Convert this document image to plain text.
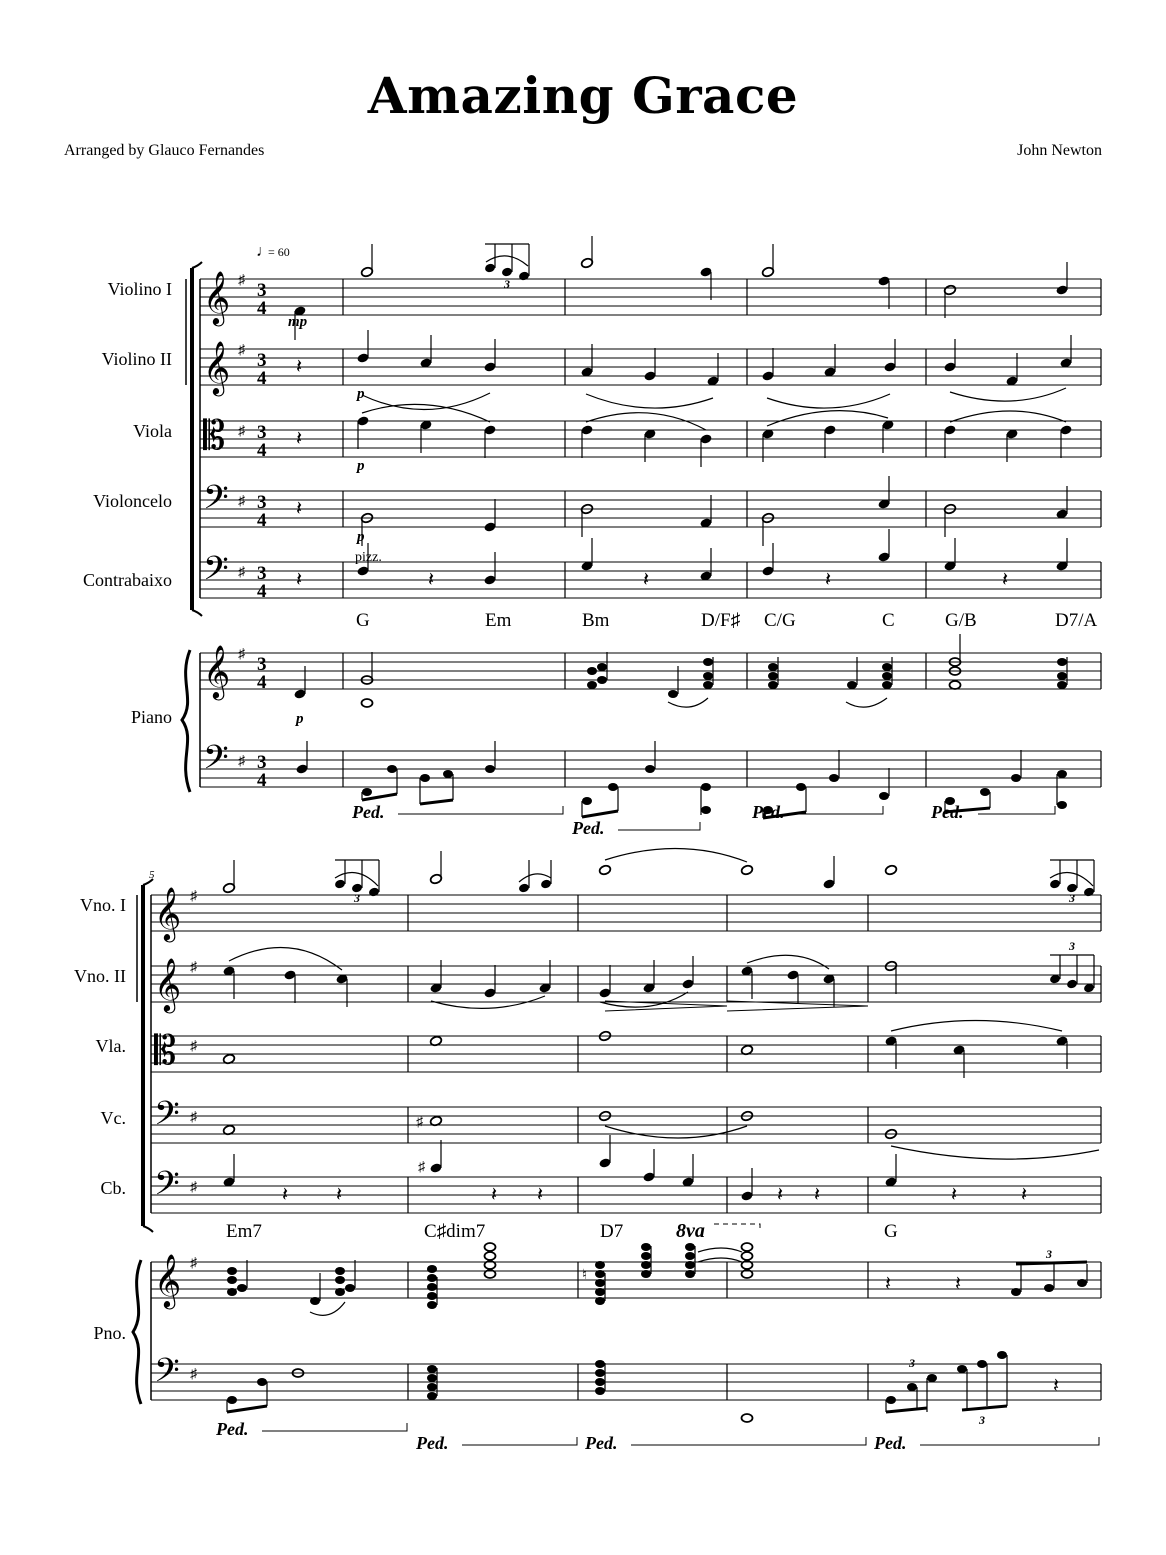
Amazing Grace
Arranged by Glauco Fernandes	John Newton
♩
= 60
Violino I
Violino II
Viola
Violoncelo
Contrabaixo
Piano
𝄞
𝄞
𝄡
𝄢
𝄢
𝄞
𝄢
♯
♯
♯
♯
♯
♯
♯
3
4
3
4
3
4
3
4
3
4
3
4
3
4
𝄽
𝄽
𝄽
𝄽	𝄽	𝄽	𝄽	𝄽
3
mp
p
p
p
p
pizz.
G	Em	Bm	D/F♯ C/G	C	G/B	D7/A
Ped.
Ped.
Ped.	Ped.
5
Vno. I
Vno. II
Vla.
Vc.
Cb.
Pno.
𝄞
𝄞
𝄡
𝄢
𝄢
𝄞
𝄢
♯
♯
♯
♯
♯
♯
♯
8va
3	3
3
3
3
3
♯
♯
♮
𝄽 𝄽	𝄽 𝄽	𝄽 𝄽	𝄽	𝄽
𝄽	𝄽
𝄽
Em7	C♯dim7	D7	G
Ped.
Ped.	Ped.	Ped.
